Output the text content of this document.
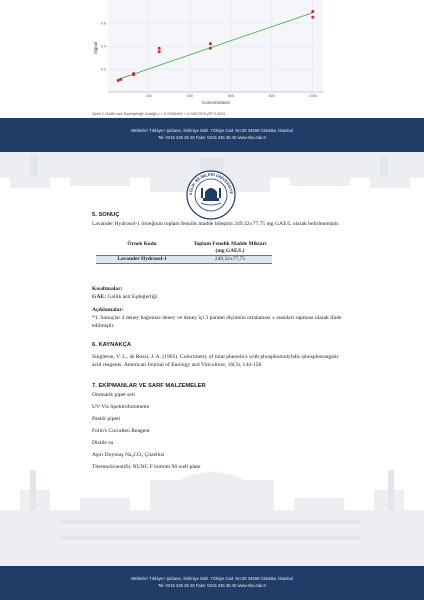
0.2
0.4
0.6
200	400	600	800	1000
Concentration
Signal
Şekil 1 Gallik asit Eşdeğerliği Grafiği y = 0.000648x + 0.0407826 (R² 0.992)
Mektebi-i Tıbbiye-i Şahane, Selimiye Mah. Tıbbiye Cad. No:38 34668 Üsküdar, İstanbul
Tel: 0216 346 36 36 Faks: 0216 346 36 40 www.sbu.edu.tr
AĞLIK BİLİMLERİ ÜNİVERSİTE
5. SONUÇ
Lavander Hydrosol-1 örneğinin toplam fenolik madde bileşimi 249,32±77,75 mg GAE/L olarak belirlenmiştir.
Örnek Kodu	Toplam Fenolik Madde Miktarı (mg GAE/L)
Lavander Hydrosol-1	249,32±77,75
Kısaltmalar:
GAE: Gallik asit Eşdeğerliği
Açıklamalar:
*1. Sonuçlar 4 deney bağımsız deney ve deney içi 3 paralel ölçümün ortalaması ± standart sapması olarak ifade edilmiştir.
6. KAYNAKÇA
Singleton, V. L., & Rossi, J. A. (1965). Colorimetry of total phenolics with phosphomolybdic-phosphotungstic acid reagents. American Journal of Enology and Viticulture, 16(3), 144-158.
7. EKİPMANLAR VE SARF MALZEMELER
Otomatik pipet seti
UV-Vis Spektrofotometre
Pastör pipeti
Folin's Ciocalteu Reagent
Distile su
Aşırı Doymuş Na₂CO₃ Çözeltisi
ThermoScientific NUNC F bottom 96 well plate
Mektebi-i Tıbbiye-i Şahane, Selimiye Mah. Tıbbiye Cad. No:38 34668 Üsküdar, İstanbul
Tel: 0216 346 36 36 Faks: 0216 346 36 40 www.sbu.edu.tr
